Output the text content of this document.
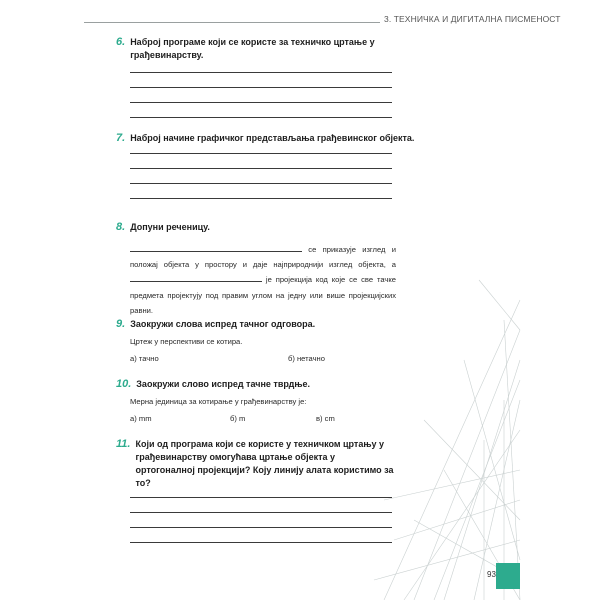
3. ТЕХНИЧКА И ДИГИТАЛНА ПИСМЕНОСТ
6. Наброј програме који се користе за техничко цртање у грађевинарству.
7. Наброј начине графичког представљања грађевинског објекта.
8. Допуни реченицу.
се приказује изглед и положај објекта у простору и даје најприроднији изглед објекта, а  је пројекција код које се све тачке предмета пројектују под правим углом на једну или више пројекцијских равни.
9. Заокружи слова испред тачног одговора.
Цртеж у перспективи се котира.
а) тачно	б) нетачно
10. Заокружи слово испред тачне тврдње.
Мерна јединица за котирање у грађевинарству је:
а) mm	б) m	в) cm
11. Који од програма који се користе у техничком цртању у грађевинарству омогућава цртање објекта у ортогоналној пројекцији? Коју линију алата користимо за то?
93
